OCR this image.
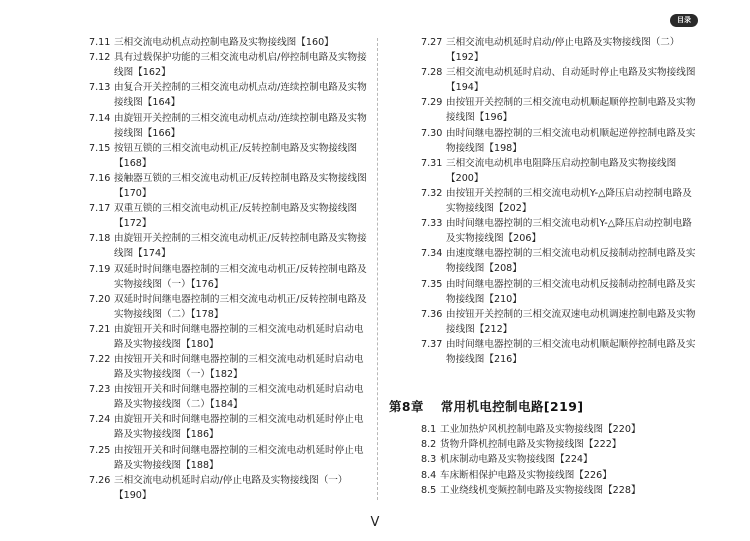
目录
7.11 三相交流电动机点动控制电路及实物接线图【160】
7.12 具有过载保护功能的三相交流电动机启/停控制电路及实物接线图【162】
7.13 由复合开关控制的三相交流电动机点动/连续控制电路及实物接线图【164】
7.14 由旋钮开关控制的三相交流电动机点动/连续控制电路及实物接线图【166】
7.15 按钮互锁的三相交流电动机正/反转控制电路及实物接线图【168】
7.16 接触器互锁的三相交流电动机正/反转控制电路及实物接线图【170】
7.17 双重互锁的三相交流电动机正/反转控制电路及实物接线图【172】
7.18 由旋钮开关控制的三相交流电动机正/反转控制电路及实物接线图【174】
7.19 双延时时间继电器控制的三相交流电动机正/反转控制电路及实物接线图（一）【176】
7.20 双延时时间继电器控制的三相交流电动机正/反转控制电路及实物接线图（二）【178】
7.21 由旋钮开关和时间继电器控制的三相交流电动机延时启动电路及实物接线图【180】
7.22 由按钮开关和时间继电器控制的三相交流电动机延时启动电路及实物接线图（一）【182】
7.23 由按钮开关和时间继电器控制的三相交流电动机延时启动电路及实物接线图（二）【184】
7.24 由旋钮开关和时间继电器控制的三相交流电动机延时停止电路及实物接线图【186】
7.25 由按钮开关和时间继电器控制的三相交流电动机延时停止电路及实物接线图【188】
7.26 三相交流电动机延时启动/停止电路及实物接线图（一）【190】
7.27 三相交流电动机延时启动/停止电路及实物接线图（二）【192】
7.28 三相交流电动机延时启动、自动延时停止电路及实物接线图【194】
7.29 由按钮开关控制的三相交流电动机顺起顺停控制电路及实物接线图【196】
7.30 由时间继电器控制的三相交流电动机顺起逆停控制电路及实物接线图【198】
7.31 三相交流电动机串电阻降压启动控制电路及实物接线图【200】
7.32 由按钮开关控制的三相交流电动机Y-△降压启动控制电路及实物接线图【202】
7.33 由时间继电器控制的三相交流电动机Y-△降压启动控制电路及实物接线图【206】
7.34 由速度继电器控制的三相交流电动机反接制动控制电路及实物接线图【208】
7.35 由时间继电器控制的三相交流电动机反接制动控制电路及实物接线图【210】
7.36 由按钮开关控制的三相交流双速电动机调速控制电路及实物接线图【212】
7.37 由时间继电器控制的三相交流电动机顺起顺停控制电路及实物接线图【216】
第8章 常用机电控制电路[219]
8.1 工业加热炉风机控制电路及实物接线图【220】
8.2 货物升降机控制电路及实物接线图【222】
8.3 机床制动电路及实物接线图【224】
8.4 车床断相保护电路及实物接线图【226】
8.5 工业绕线机变频控制电路及实物接线图【228】
V
